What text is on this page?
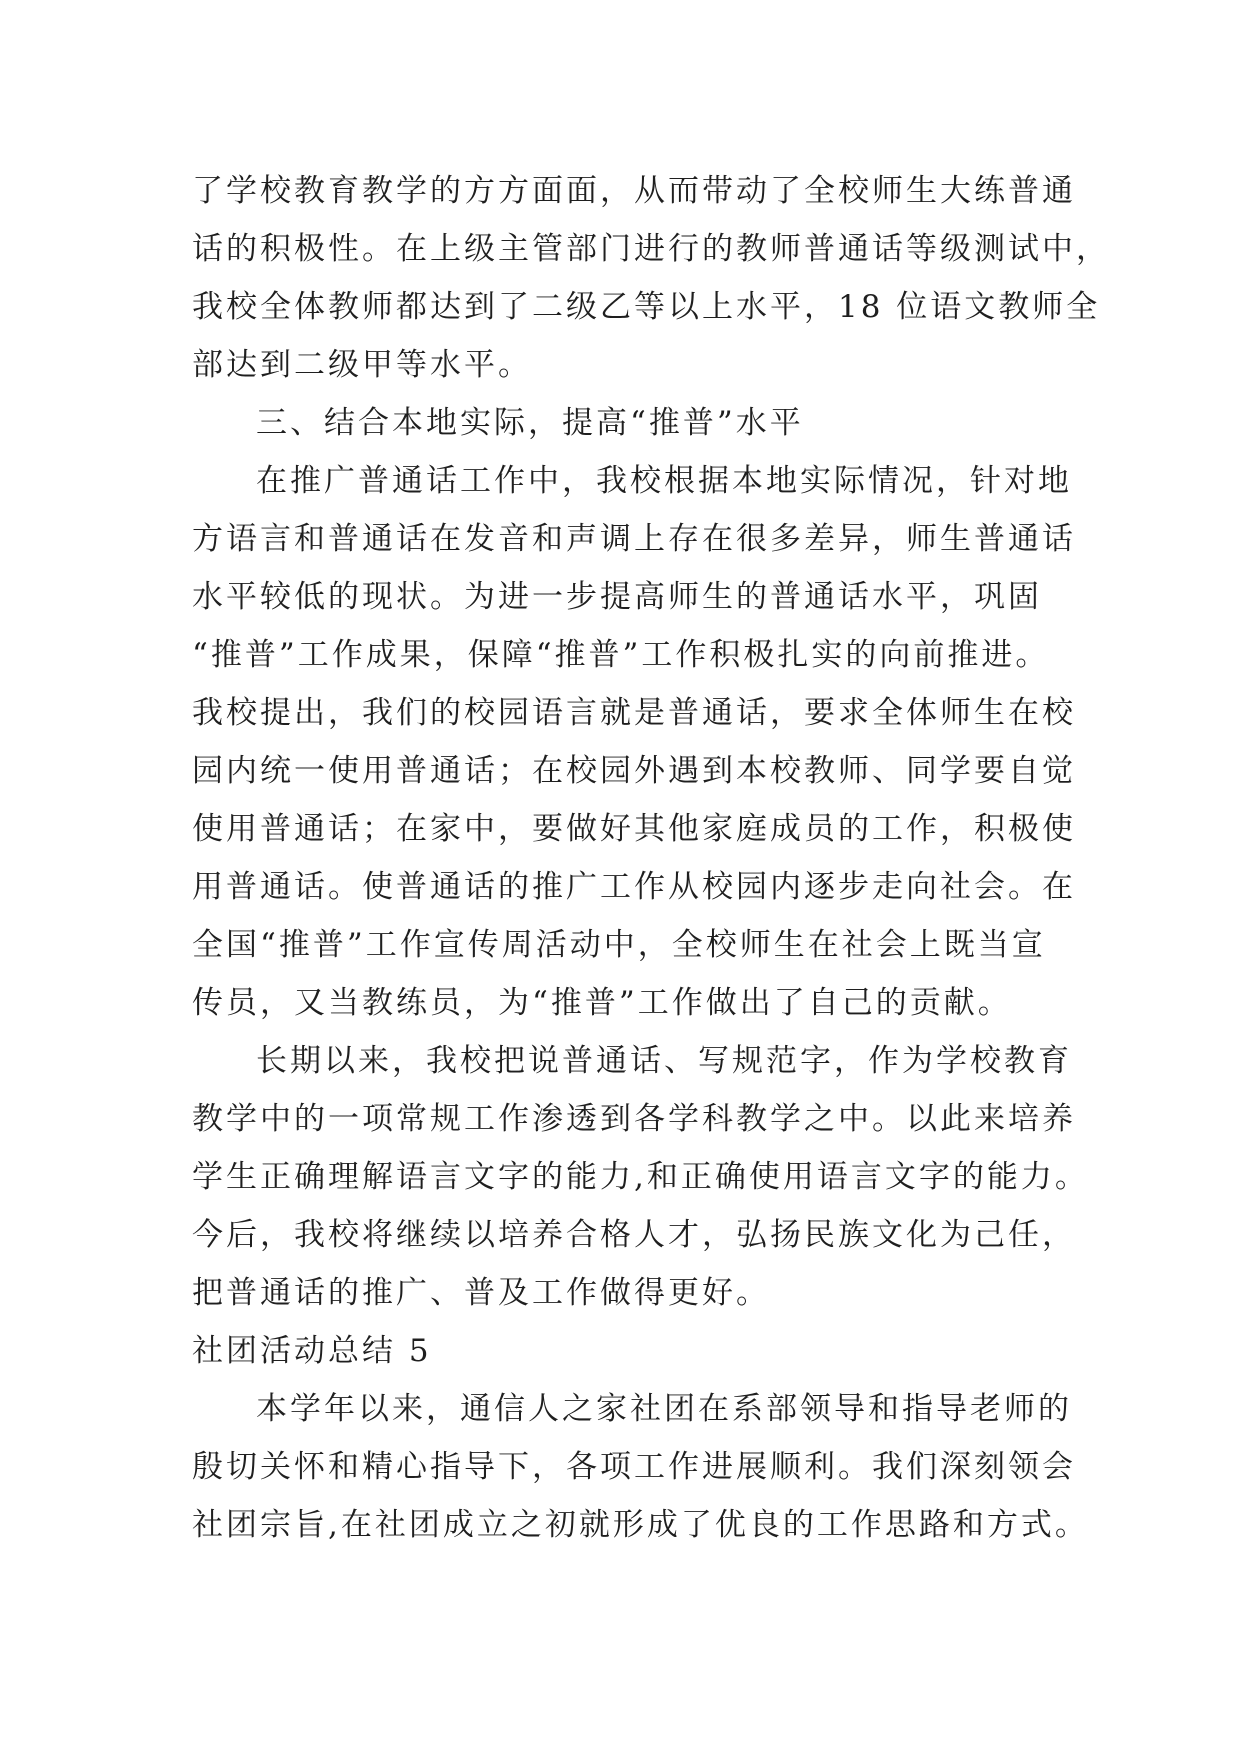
了学校教育教学的方方面面，从而带动了全校师生大练普通
话的积极性。在上级主管部门进行的教师普通话等级测试中，
我校全体教师都达到了二级乙等以上水平，18 位语文教师全
部达到二级甲等水平。
三、结合本地实际，提高“推普”水平
在推广普通话工作中，我校根据本地实际情况，针对地
方语言和普通话在发音和声调上存在很多差异，师生普通话
水平较低的现状。为进一步提高师生的普通话水平，巩固
“推普”工作成果，保障“推普”工作积极扎实的向前推进。
我校提出，我们的校园语言就是普通话，要求全体师生在校
园内统一使用普通话；在校园外遇到本校教师、同学要自觉
使用普通话；在家中，要做好其他家庭成员的工作，积极使
用普通话。使普通话的推广工作从校园内逐步走向社会。在
全国“推普”工作宣传周活动中，全校师生在社会上既当宣
传员，又当教练员，为“推普”工作做出了自己的贡献。
长期以来，我校把说普通话、写规范字，作为学校教育
教学中的一项常规工作渗透到各学科教学之中。以此来培养
学生正确理解语言文字的能力,和正确使用语言文字的能力。
今后，我校将继续以培养合格人才，弘扬民族文化为己任，
把普通话的推广、普及工作做得更好。
社团活动总结 5
本学年以来，通信人之家社团在系部领导和指导老师的
殷切关怀和精心指导下，各项工作进展顺利。我们深刻领会
社团宗旨,在社团成立之初就形成了优良的工作思路和方式。
